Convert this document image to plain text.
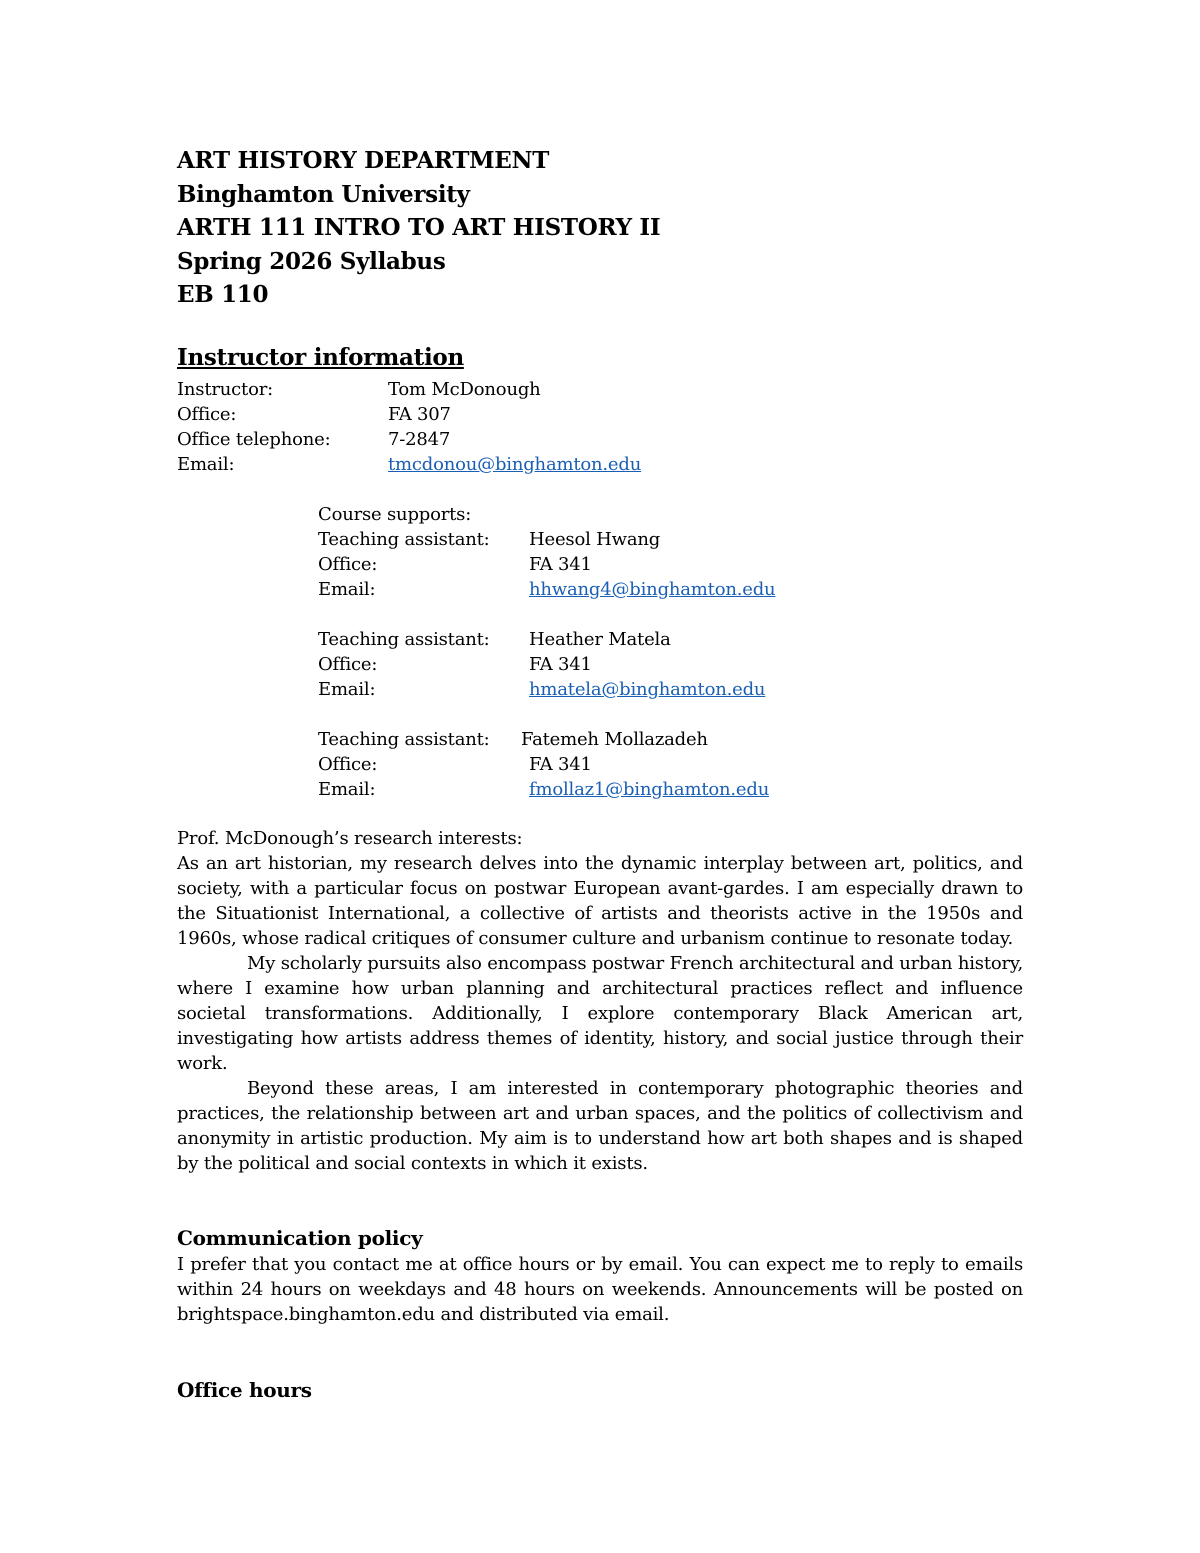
ART HISTORY DEPARTMENT
Binghamton University
ARTH 111 INTRO TO ART HISTORY II
Spring 2026 Syllabus
EB 110
Instructor information
Instructor:	Tom McDonough
Office:	FA 307
Office telephone:	7-2847
Email:	tmcdonou@binghamton.edu
Course supports:
Teaching assistant: Heesol Hwang
Office:	FA 341
Email:	hhwang4@binghamton.edu
Teaching assistant: Heather Matela
Office:	FA 341
Email:	hmatela@binghamton.edu
Teaching assistant: Fatemeh Mollazadeh
Office:	FA 341
Email:	fmollaz1@binghamton.edu

Prof. McDonough’s research interests:

As an art historian, my research delves into the dynamic interplay between art, politics, and society, with a particular focus on postwar European avant-gardes. I am especially drawn to the Situationist International, a collective of artists and theorists active in the 1950s and 1960s, whose radical critiques of consumer culture and urbanism continue to resonate today.

My scholarly pursuits also encompass postwar French architectural and urban history, where I examine how urban planning and architectural practices reflect and influence societal transformations. Additionally, I explore contemporary Black American art, investigating how artists address themes of identity, history, and social justice through their work.

Beyond these areas, I am interested in contemporary photographic theories and practices, the relationship between art and urban spaces, and the politics of collectivism and anonymity in artistic production. My aim is to understand how art both shapes and is shaped by the political and social contexts in which it exists.

Communication policy

I prefer that you contact me at office hours or by email. You can expect me to reply to emails within 24 hours on weekdays and 48 hours on weekends. Announcements will be posted on brightspace.binghamton.edu and distributed via email.

Office hours
